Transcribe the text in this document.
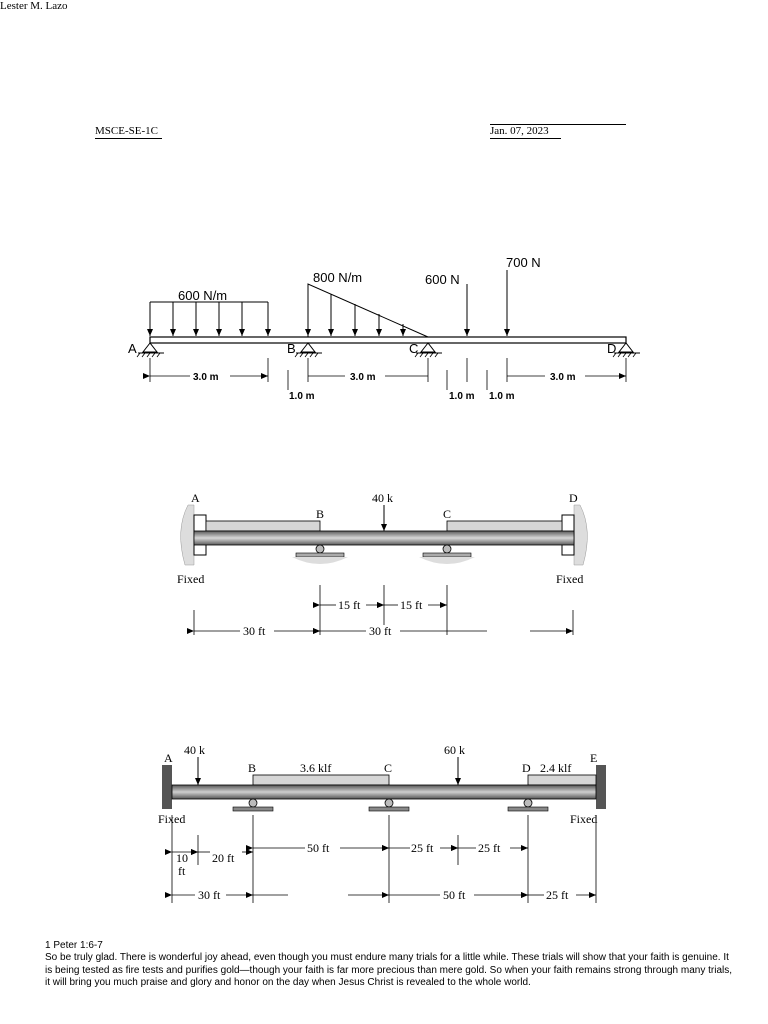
Lester M. Lazo
MSCE-SE-1C	Jan. 07, 2023
600 N/m
800 N/m	600 N
700 N
A	B	C	D
3.0 m
1.0 m
3.0 m
1.0 m 1.0 m
3.0 m
40 k
A
B	C
D
Fixed	Fixed
15 ft	15 ft
30 ft	30 ft
40 k	60 k
3.6 klf	2.4 klf
A
B	C	D
E
Fixed	Fixed
10
ft
20 ft
50 ft	25 ft	25 ft
30 ft	50 ft	25 ft

1 Peter 1:6-7
So be truly glad. There is wonderful joy ahead, even though you must endure many trials for a little while. These trials will show that your faith is genuine. It is being tested as fire tests and purifies gold—though your faith is far more precious than mere gold. So when your faith remains strong through many trials, it will bring you much praise and glory and honor on the day when Jesus Christ is revealed to the whole world.
